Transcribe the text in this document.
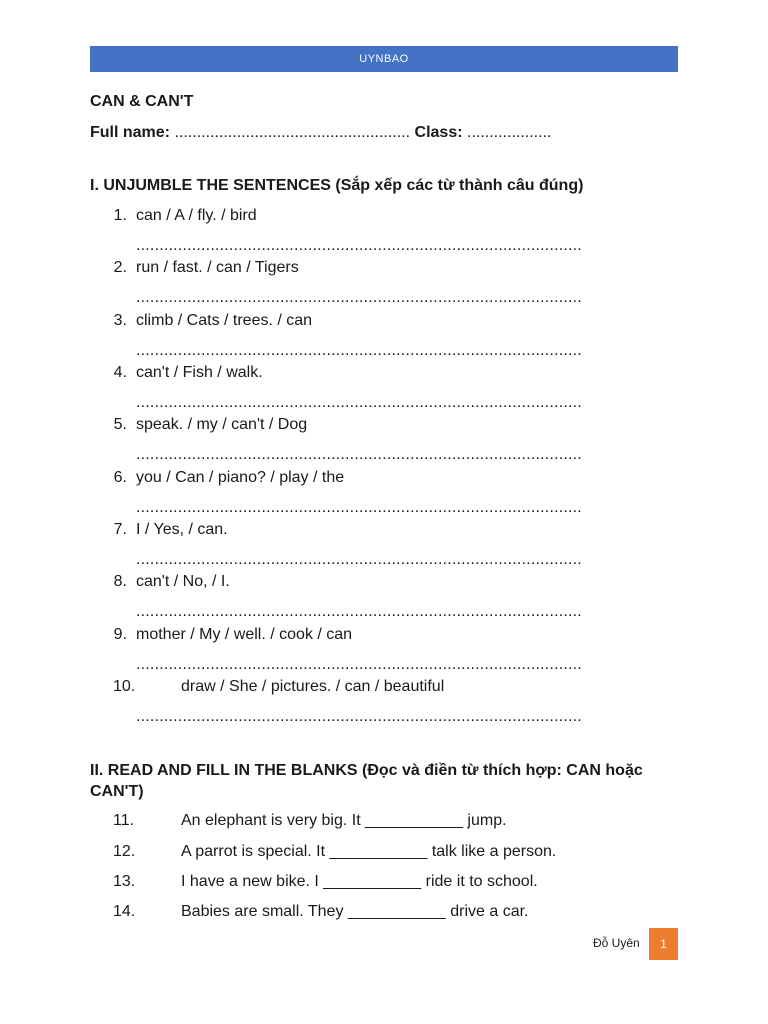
UYNBAO
CAN & CAN'T
Full name: ..................................................... Class: ...................
I. UNJUMBLE THE SENTENCES (Sắp xếp các từ thành câu đúng)
1. can / A / fly. / bird
................................................................................................
2. run / fast. / can / Tigers
................................................................................................
3. climb / Cats / trees. / can
................................................................................................
4. can't / Fish / walk.
................................................................................................
5. speak. / my / can't / Dog
................................................................................................
6. you / Can / piano? / play / the
................................................................................................
7. I / Yes, / can.
................................................................................................
8. can't / No, / I.
................................................................................................
9. mother / My / well. / cook / can
................................................................................................
10.	draw / She / pictures. / can / beautiful
................................................................................................
II. READ AND FILL IN THE BLANKS (Đọc và điền từ thích hợp: CAN hoặc CAN'T)
11.	An elephant is very big. It ___________ jump.
12.	A parrot is special. It ___________ talk like a person.
13.	I have a new bike. I ___________ ride it to school.
14.	Babies are small. They ___________ drive a car.
Đỗ Uyên	1
